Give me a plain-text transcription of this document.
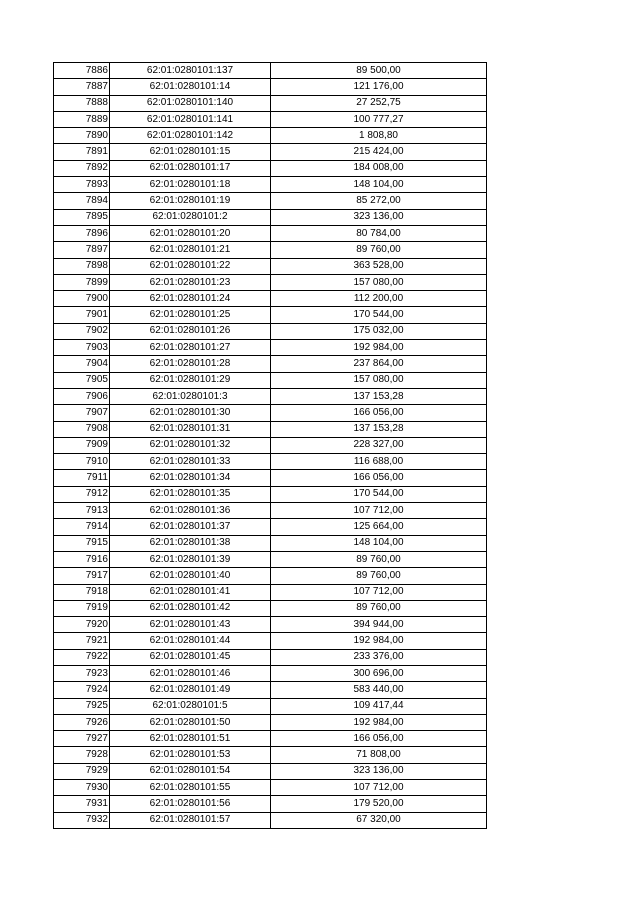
7886	62:01:0280101:137	89 500,00
7887	62:01:0280101:14	121 176,00
7888	62:01:0280101:140	27 252,75
7889	62:01:0280101:141	100 777,27
7890	62:01:0280101:142	1 808,80
7891	62:01:0280101:15	215 424,00
7892	62:01:0280101:17	184 008,00
7893	62:01:0280101:18	148 104,00
7894	62:01:0280101:19	85 272,00
7895	62:01:0280101:2	323 136,00
7896	62:01:0280101:20	80 784,00
7897	62:01:0280101:21	89 760,00
7898	62:01:0280101:22	363 528,00
7899	62:01:0280101:23	157 080,00
7900	62:01:0280101:24	112 200,00
7901	62:01:0280101:25	170 544,00
7902	62:01:0280101:26	175 032,00
7903	62:01:0280101:27	192 984,00
7904	62:01:0280101:28	237 864,00
7905	62:01:0280101:29	157 080,00
7906	62:01:0280101:3	137 153,28
7907	62:01:0280101:30	166 056,00
7908	62:01:0280101:31	137 153,28
7909	62:01:0280101:32	228 327,00
7910	62:01:0280101:33	116 688,00
7911	62:01:0280101:34	166 056,00
7912	62:01:0280101:35	170 544,00
7913	62:01:0280101:36	107 712,00
7914	62:01:0280101:37	125 664,00
7915	62:01:0280101:38	148 104,00
7916	62:01:0280101:39	89 760,00
7917	62:01:0280101:40	89 760,00
7918	62:01:0280101:41	107 712,00
7919	62:01:0280101:42	89 760,00
7920	62:01:0280101:43	394 944,00
7921	62:01:0280101:44	192 984,00
7922	62:01:0280101:45	233 376,00
7923	62:01:0280101:46	300 696,00
7924	62:01:0280101:49	583 440,00
7925	62:01:0280101:5	109 417,44
7926	62:01:0280101:50	192 984,00
7927	62:01:0280101:51	166 056,00
7928	62:01:0280101:53	71 808,00
7929	62:01:0280101:54	323 136,00
7930	62:01:0280101:55	107 712,00
7931	62:01:0280101:56	179 520,00
7932	62:01:0280101:57	67 320,00
